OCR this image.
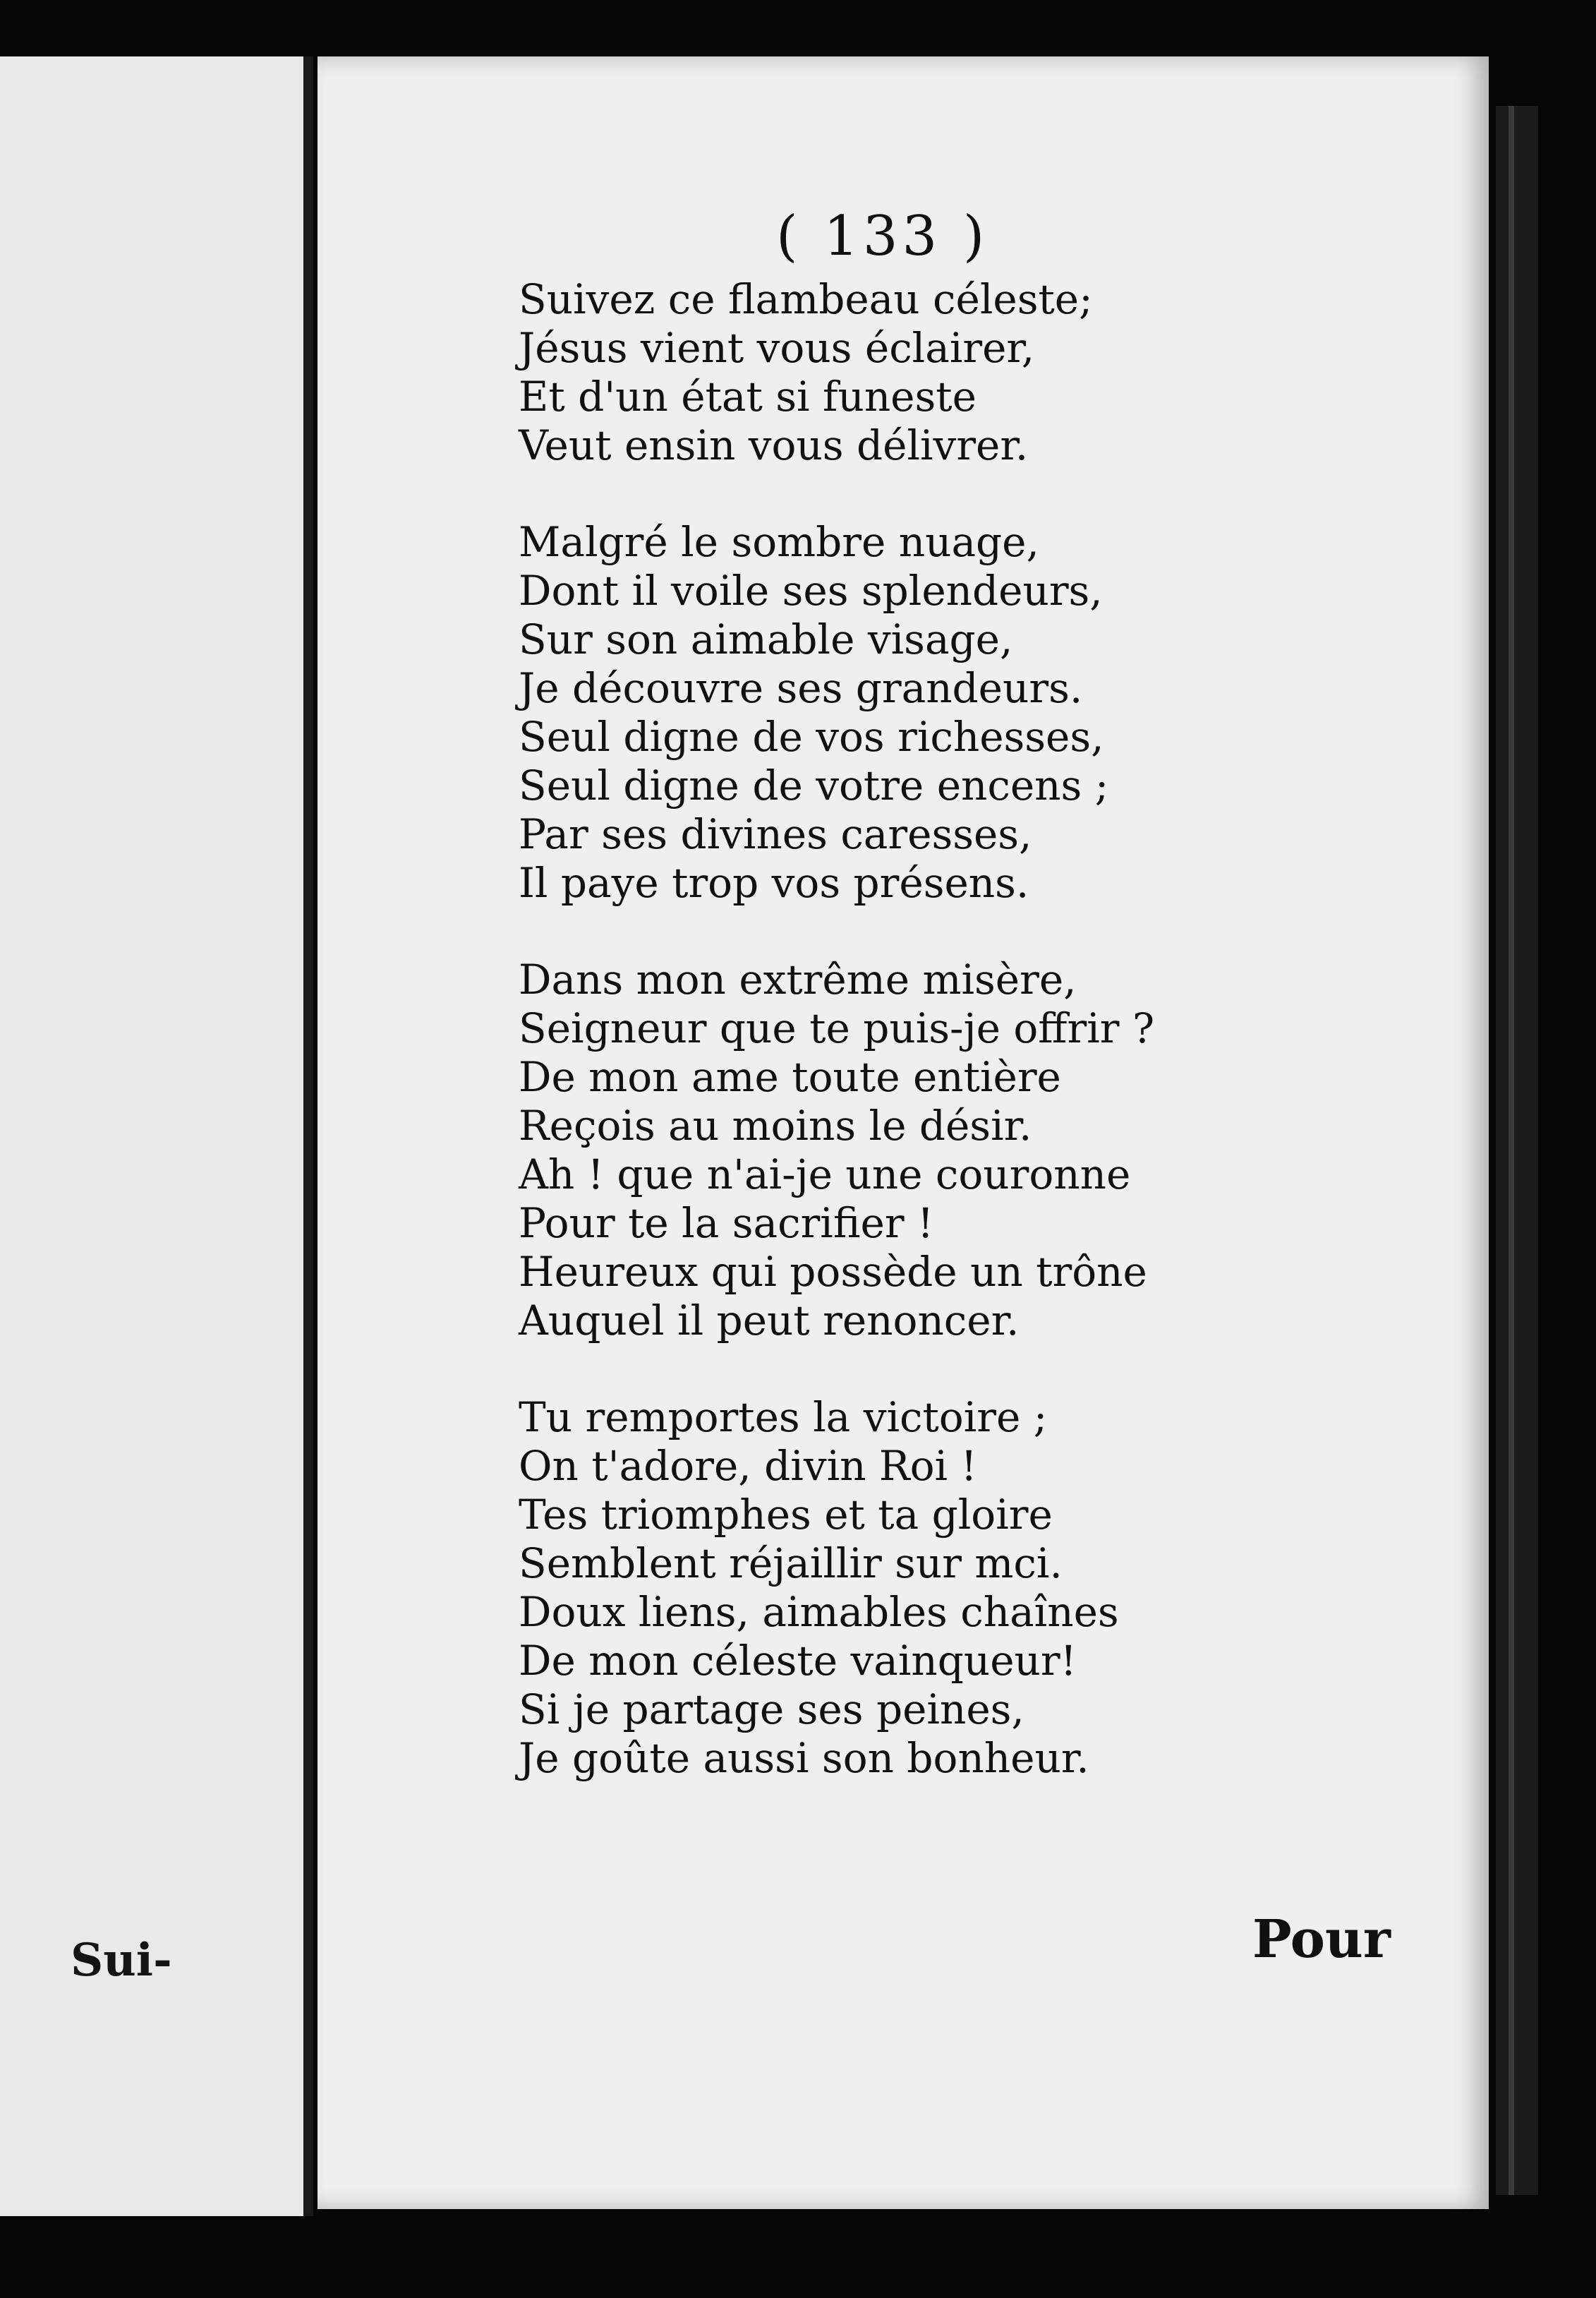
Sui-
( 133 )
Suivez ce flambeau céleste;
Jésus vient vous éclairer,
Et d'un état si funeste
Veut ensin vous délivrer.
Malgré le sombre nuage,
Dont il voile ses splendeurs,
Sur son aimable visage,
Je découvre ses grandeurs.
Seul digne de vos richesses,
Seul digne de votre encens ;
Par ses divines caresses,
Il paye trop vos présens.
Dans mon extrême misère,
Seigneur que te puis-je offrir ?
De mon ame toute entière
Reçois au moins le désir.
Ah ! que n'ai-je une couronne
Pour te la sacrifier !
Heureux qui possède un trône
Auquel il peut renoncer.
Tu remportes la victoire ;
On t'adore, divin Roi !
Tes triomphes et ta gloire
Semblent réjaillir sur mci.
Doux liens, aimables chaînes
De mon céleste vainqueur!
Si je partage ses peines,
Je goûte aussi son bonheur.
Pour
